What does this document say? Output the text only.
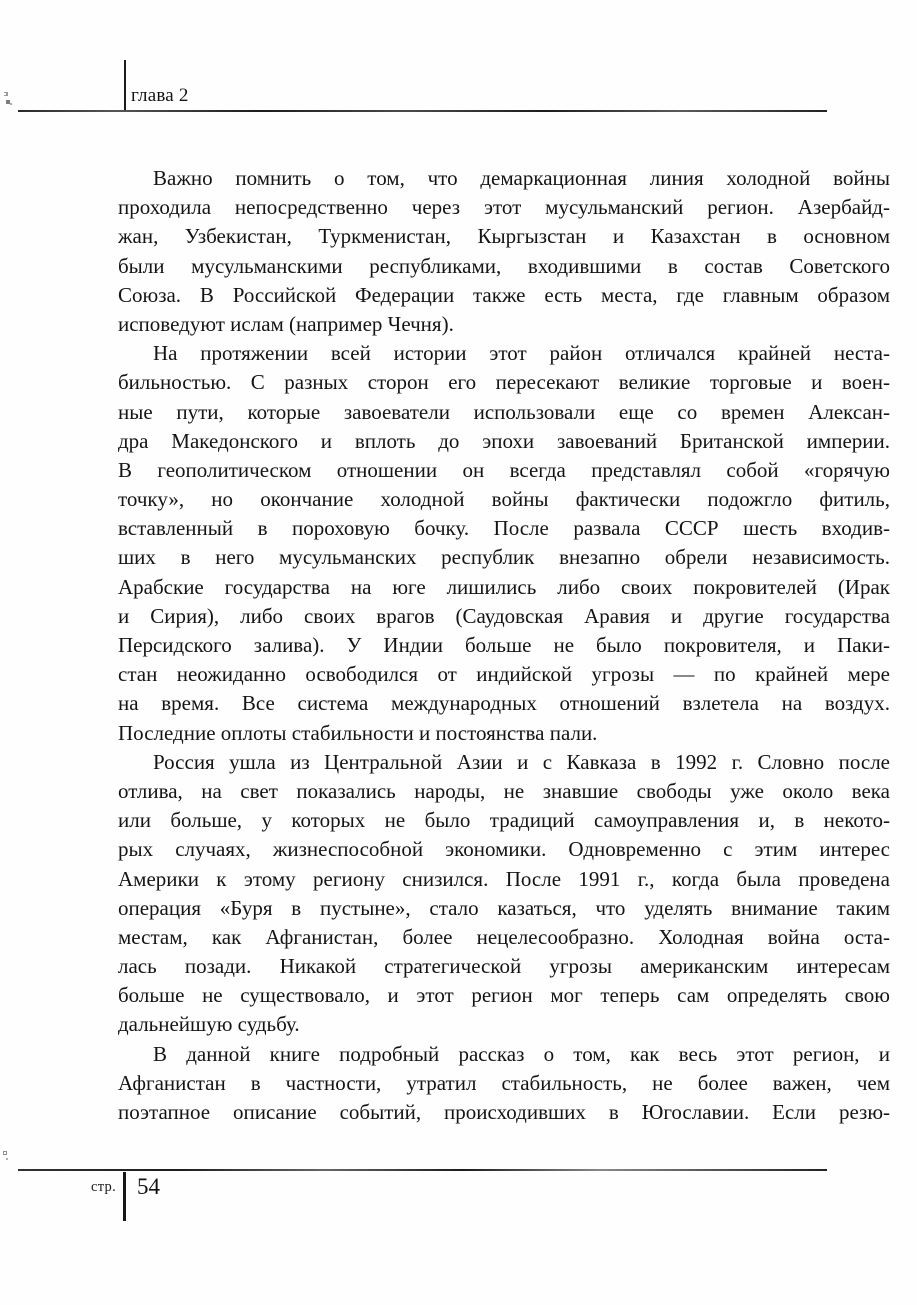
глава 2
Важно помнить о том, что демаркационная линия холодной войны
проходила непосредственно через этот мусульманский регион. Азербайд-
жан, Узбекистан, Туркменистан, Кыргызстан и Казахстан в основном
были мусульманскими республиками, входившими в состав Советского
Союза. В Российской Федерации также есть места, где главным образом
исповедуют ислам (например Чечня).
На протяжении всей истории этот район отличался крайней неста-
бильностью. С разных сторон его пересекают великие торговые и воен-
ные пути, которые завоеватели использовали еще со времен Алексан-
дра Македонского и вплоть до эпохи завоеваний Британской империи.
В геополитическом отношении он всегда представлял собой «горячую
точку», но окончание холодной войны фактически подожгло фитиль,
вставленный в пороховую бочку. После развала СССР шесть входив-
ших в него мусульманских республик внезапно обрели независимость.
Арабские государства на юге лишились либо своих покровителей (Ирак
и Сирия), либо своих врагов (Саудовская Аравия и другие государства
Персидского залива). У Индии больше не было покровителя, и Паки-
стан неожиданно освободился от индийской угрозы — по крайней мере
на время. Все система международных отношений взлетела на воздух.
Последние оплоты стабильности и постоянства пали.
Россия ушла из Центральной Азии и с Кавказа в 1992 г. Словно после
отлива, на свет показались народы, не знавшие свободы уже около века
или больше, у которых не было традиций самоуправления и, в некото-
рых случаях, жизнеспособной экономики. Одновременно с этим интерес
Америки к этому региону снизился. После 1991 г., когда была проведена
операция «Буря в пустыне», стало казаться, что уделять внимание таким
местам, как Афганистан, более нецелесообразно. Холодная война оста-
лась позади. Никакой стратегической угрозы американским интересам
больше не существовало, и этот регион мог теперь сам определять свою
дальнейшую судьбу.
В данной книге подробный рассказ о том, как весь этот регион, и
Афганистан в частности, утратил стабильность, не более важен, чем
поэтапное описание событий, происходивших в Югославии. Если резю-
стр. 54
